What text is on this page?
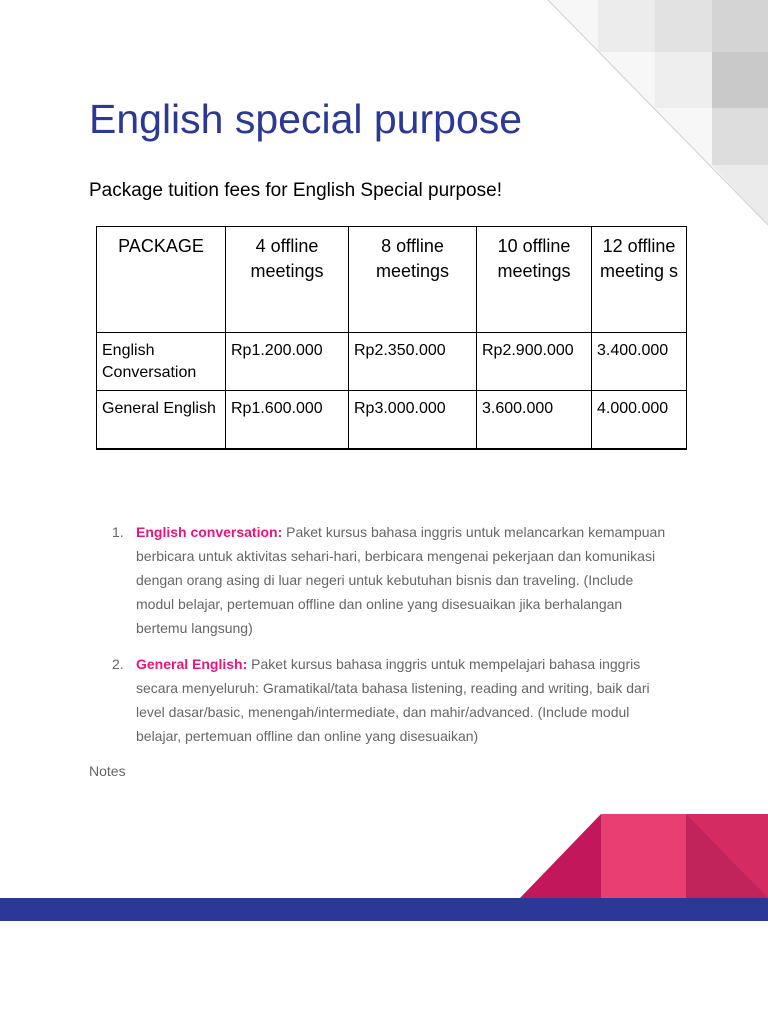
English special purpose

Package tuition fees for English Special purpose!

PACKAGE	4 offline meetings	8 offline meetings	10 offline meetings	12 offline meeting s
English Conversation	Rp1.200.000	Rp2.350.000	Rp2.900.000	3.400.000
General English	Rp1.600.000	Rp3.000.000	3.600.000	4.000.000
1. English conversation: Paket kursus bahasa inggris untuk melancarkan kemampuan berbicara untuk aktivitas sehari-hari, berbicara mengenai pekerjaan dan komunikasi dengan orang asing di luar negeri untuk kebutuhan bisnis dan traveling. (Include modul belajar, pertemuan offline dan online yang disesuaikan jika berhalangan bertemu langsung)
2. General English: Paket kursus bahasa inggris untuk mempelajari bahasa inggris secara menyeluruh: Gramatikal/tata bahasa listening, reading and writing, baik dari level dasar/basic, menengah/intermediate, dan mahir/advanced. (Include modul belajar, pertemuan offline dan online yang disesuaikan)

Notes
